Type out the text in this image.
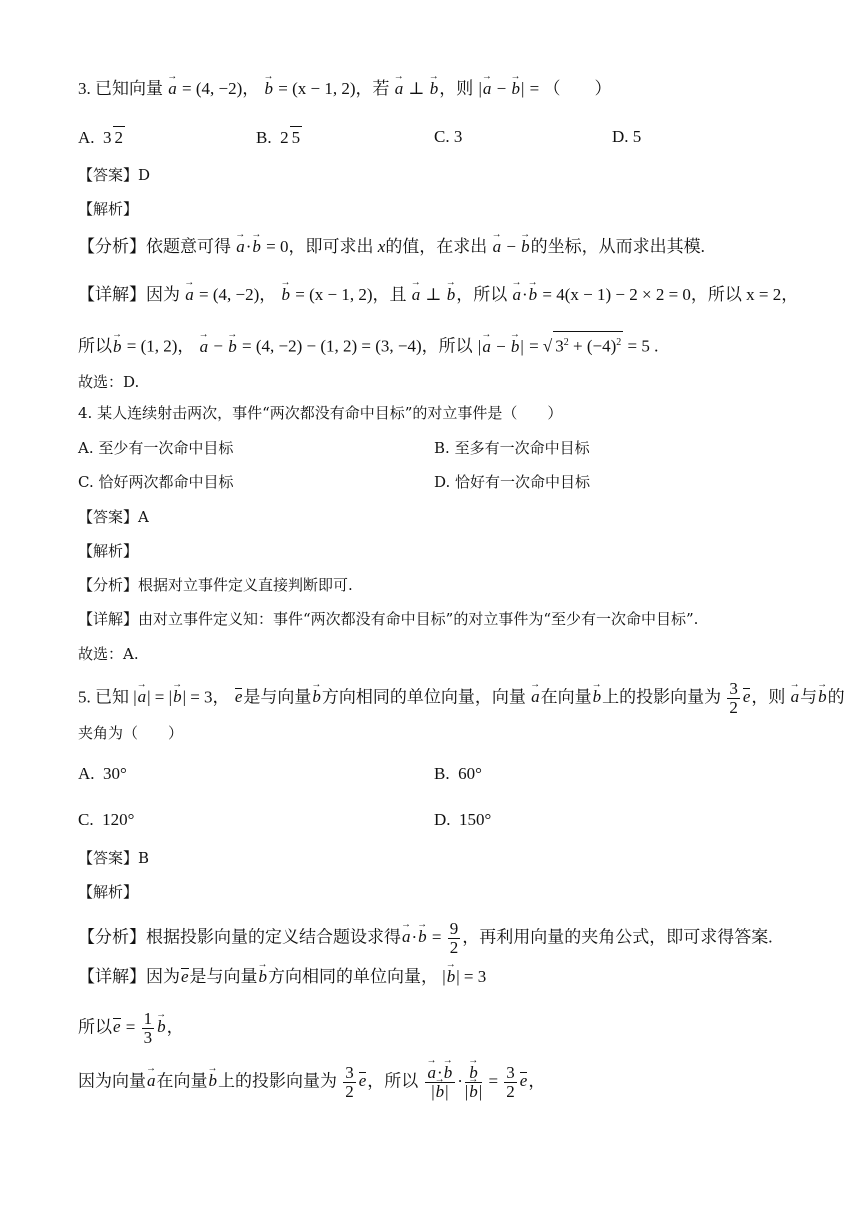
3. 已知向量 → a = (4, −2)， → b = (x − 1, 2)，若 → a ⊥ → b，则 |→ a − → b| = （　　）
A.  3 2	B.  2 5	C. 3	D. 5
【答案】D
【解析】
【分析】依题意可得 → a·→ b = 0，即可求出 x的值，在求出 → a − → b的坐标，从而求出其模.
【详解】因为 → a = (4, −2)， → b = (x − 1, 2)，且 → a ⊥ → b，所以 → a·→ b = 4(x − 1) − 2 × 2 = 0，所以 x = 2，
所以→ b = (1, 2)， → a − → b = (4, −2) − (1, 2) = (3, −4)，所以 |→ a − → b| = √ $3^2 + (-4)^2 = 5$ .
故选：D.
4. 某人连续射击两次，事件“两次都没有命中目标”的对立事件是（　　）
A. 至少有一次命中目标	B. 至多有一次命中目标
C. 恰好两次都命中目标	D. 恰好有一次命中目标
【答案】A
【解析】
【分析】根据对立事件定义直接判断即可.
【详解】由对立事件定义知：事件“两次都没有命中目标”的对立事件为“至少有一次命中目标”.
故选：A.
5. 已知 |→ a| = |→ b| = 3， e是与向量→ b方向相同的单位向量，向量 → a在向量→ b上的投影向量为 $\frac{3}{2}$ e，则 → a与→ b的
夹角为（　　）
A. 30°	B. 60°
C. 120°	D. 150°
【答案】B
【解析】
【分析】根据投影向量的定义结合题设求得→ $a\cdot\to b = \frac{9}{2}$ ，再利用向量的夹角公式，即可求得答案.
【详解】因为e是与向量→ b方向相同的单位向量， |→ b| = 3
所以$e = \frac{1}{3}$
→ b，
因为向量→ a在向量→ b上的投影向量为 $\frac{3}{2}$ e，所以
→ $\frac{a\cdot\to b}{|\to b|}$ ·
→ $\frac{b}{|\to b|} = \frac{3}{2}$ e，
